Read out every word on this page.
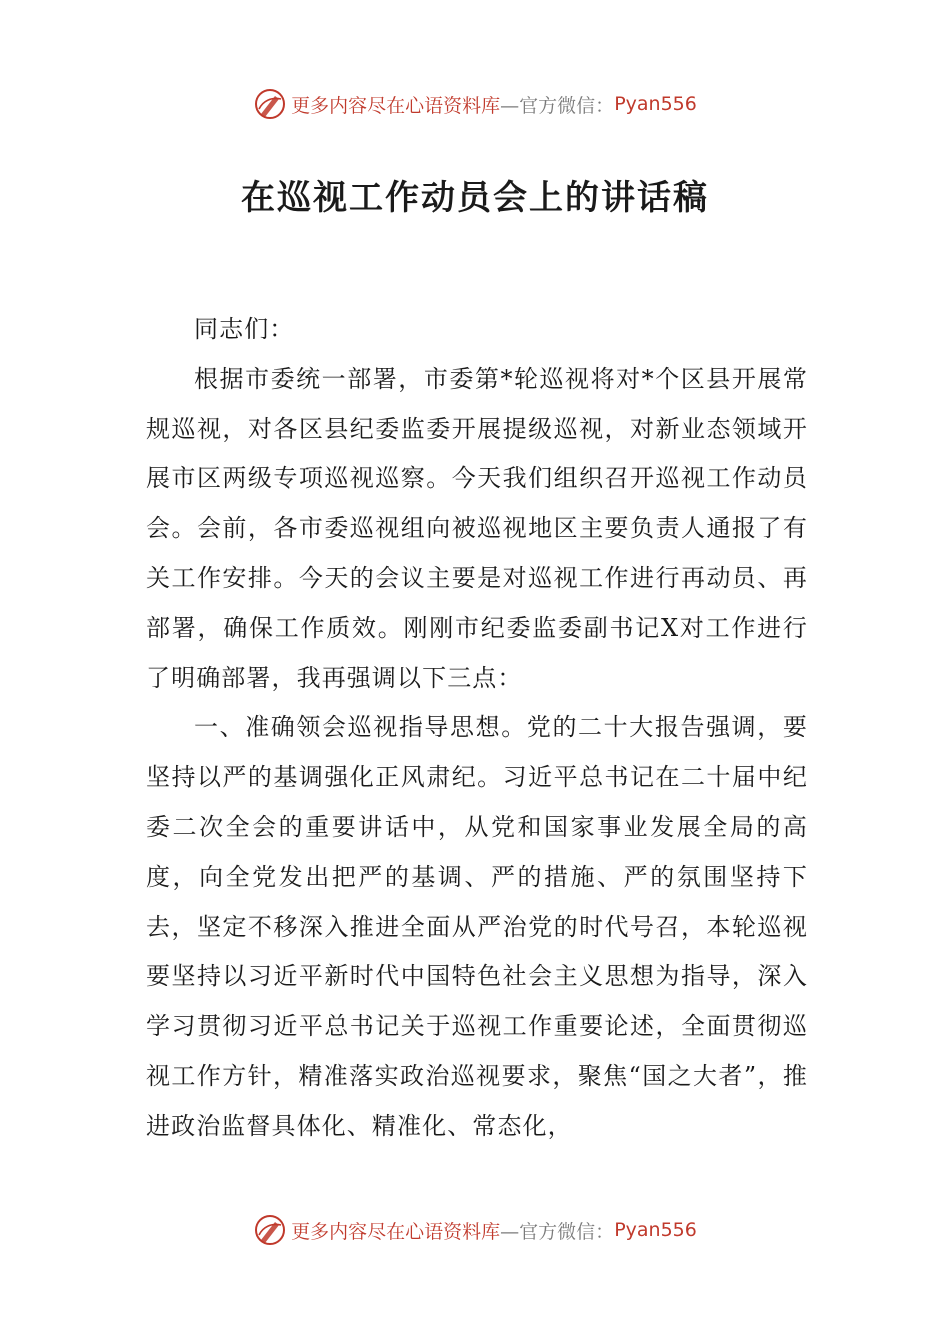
更多内容尽在心语资料库 —官方微信： Pyan556
在巡视工作动员会上的讲话稿

同志们：

根据市委统一部署，市委第*轮巡视将对*个区县开展常规巡视，对各区县纪委监委开展提级巡视，对新业态领域开展市区两级专项巡视巡察。今天我们组织召开巡视工作动员会。会前，各市委巡视组向被巡视地区主要负责人通报了有关工作安排。今天的会议主要是对巡视工作进行再动员、再部署，确保工作质效。刚刚市纪委监委副书记X对工作进行了明确部署，我再强调以下三点：

一、准确领会巡视指导思想。党的二十大报告强调，要坚持以严的基调强化正风肃纪。习近平总书记在二十届中纪委二次全会的重要讲话中，从党和国家事业发展全局的高度，向全党发出把严的基调、严的措施、严的氛围坚持下去，坚定不移深入推进全面从严治党的时代号召，本轮巡视要坚持以习近平新时代中国特色社会主义思想为指导，深入学习贯彻习近平总书记关于巡视工作重要论述，全面贯彻巡视工作方针，精准落实政治巡视要求，聚焦“国之大者”，推进政治监督具体化、精准化、常态化，

更多内容尽在心语资料库 —官方微信： Pyan556
